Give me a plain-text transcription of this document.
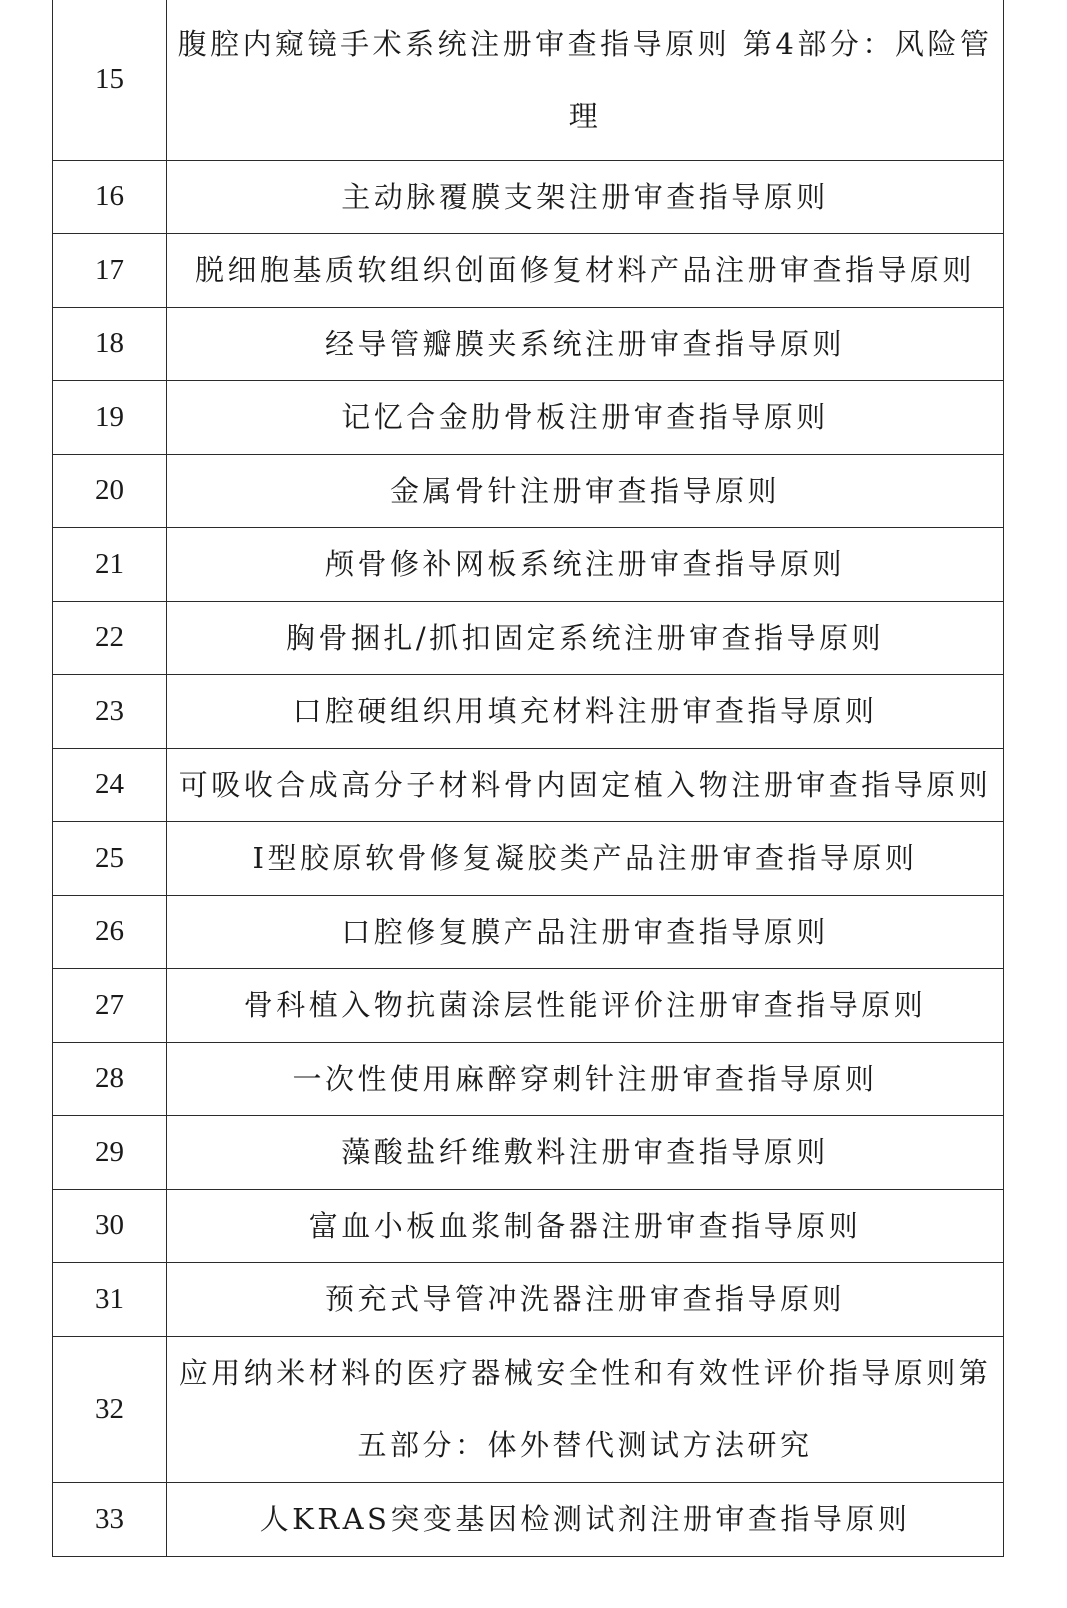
15	腹腔内窥镜手术系统注册审查指导原则 第4部分：风险管理
16	主动脉覆膜支架注册审查指导原则
17	脱细胞基质软组织创面修复材料产品注册审查指导原则
18	经导管瓣膜夹系统注册审查指导原则
19	记忆合金肋骨板注册审查指导原则
20	金属骨针注册审查指导原则
21	颅骨修补网板系统注册审查指导原则
22	胸骨捆扎/抓扣固定系统注册审查指导原则
23	口腔硬组织用填充材料注册审查指导原则
24	可吸收合成高分子材料骨内固定植入物注册审查指导原则
25	I型胶原软骨修复凝胶类产品注册审查指导原则
26	口腔修复膜产品注册审查指导原则
27	骨科植入物抗菌涂层性能评价注册审查指导原则
28	一次性使用麻醉穿刺针注册审查指导原则
29	藻酸盐纤维敷料注册审查指导原则
30	富血小板血浆制备器注册审查指导原则
31	预充式导管冲洗器注册审查指导原则
32	应用纳米材料的医疗器械安全性和有效性评价指导原则第五部分：体外替代测试方法研究
33	人KRAS突变基因检测试剂注册审查指导原则
